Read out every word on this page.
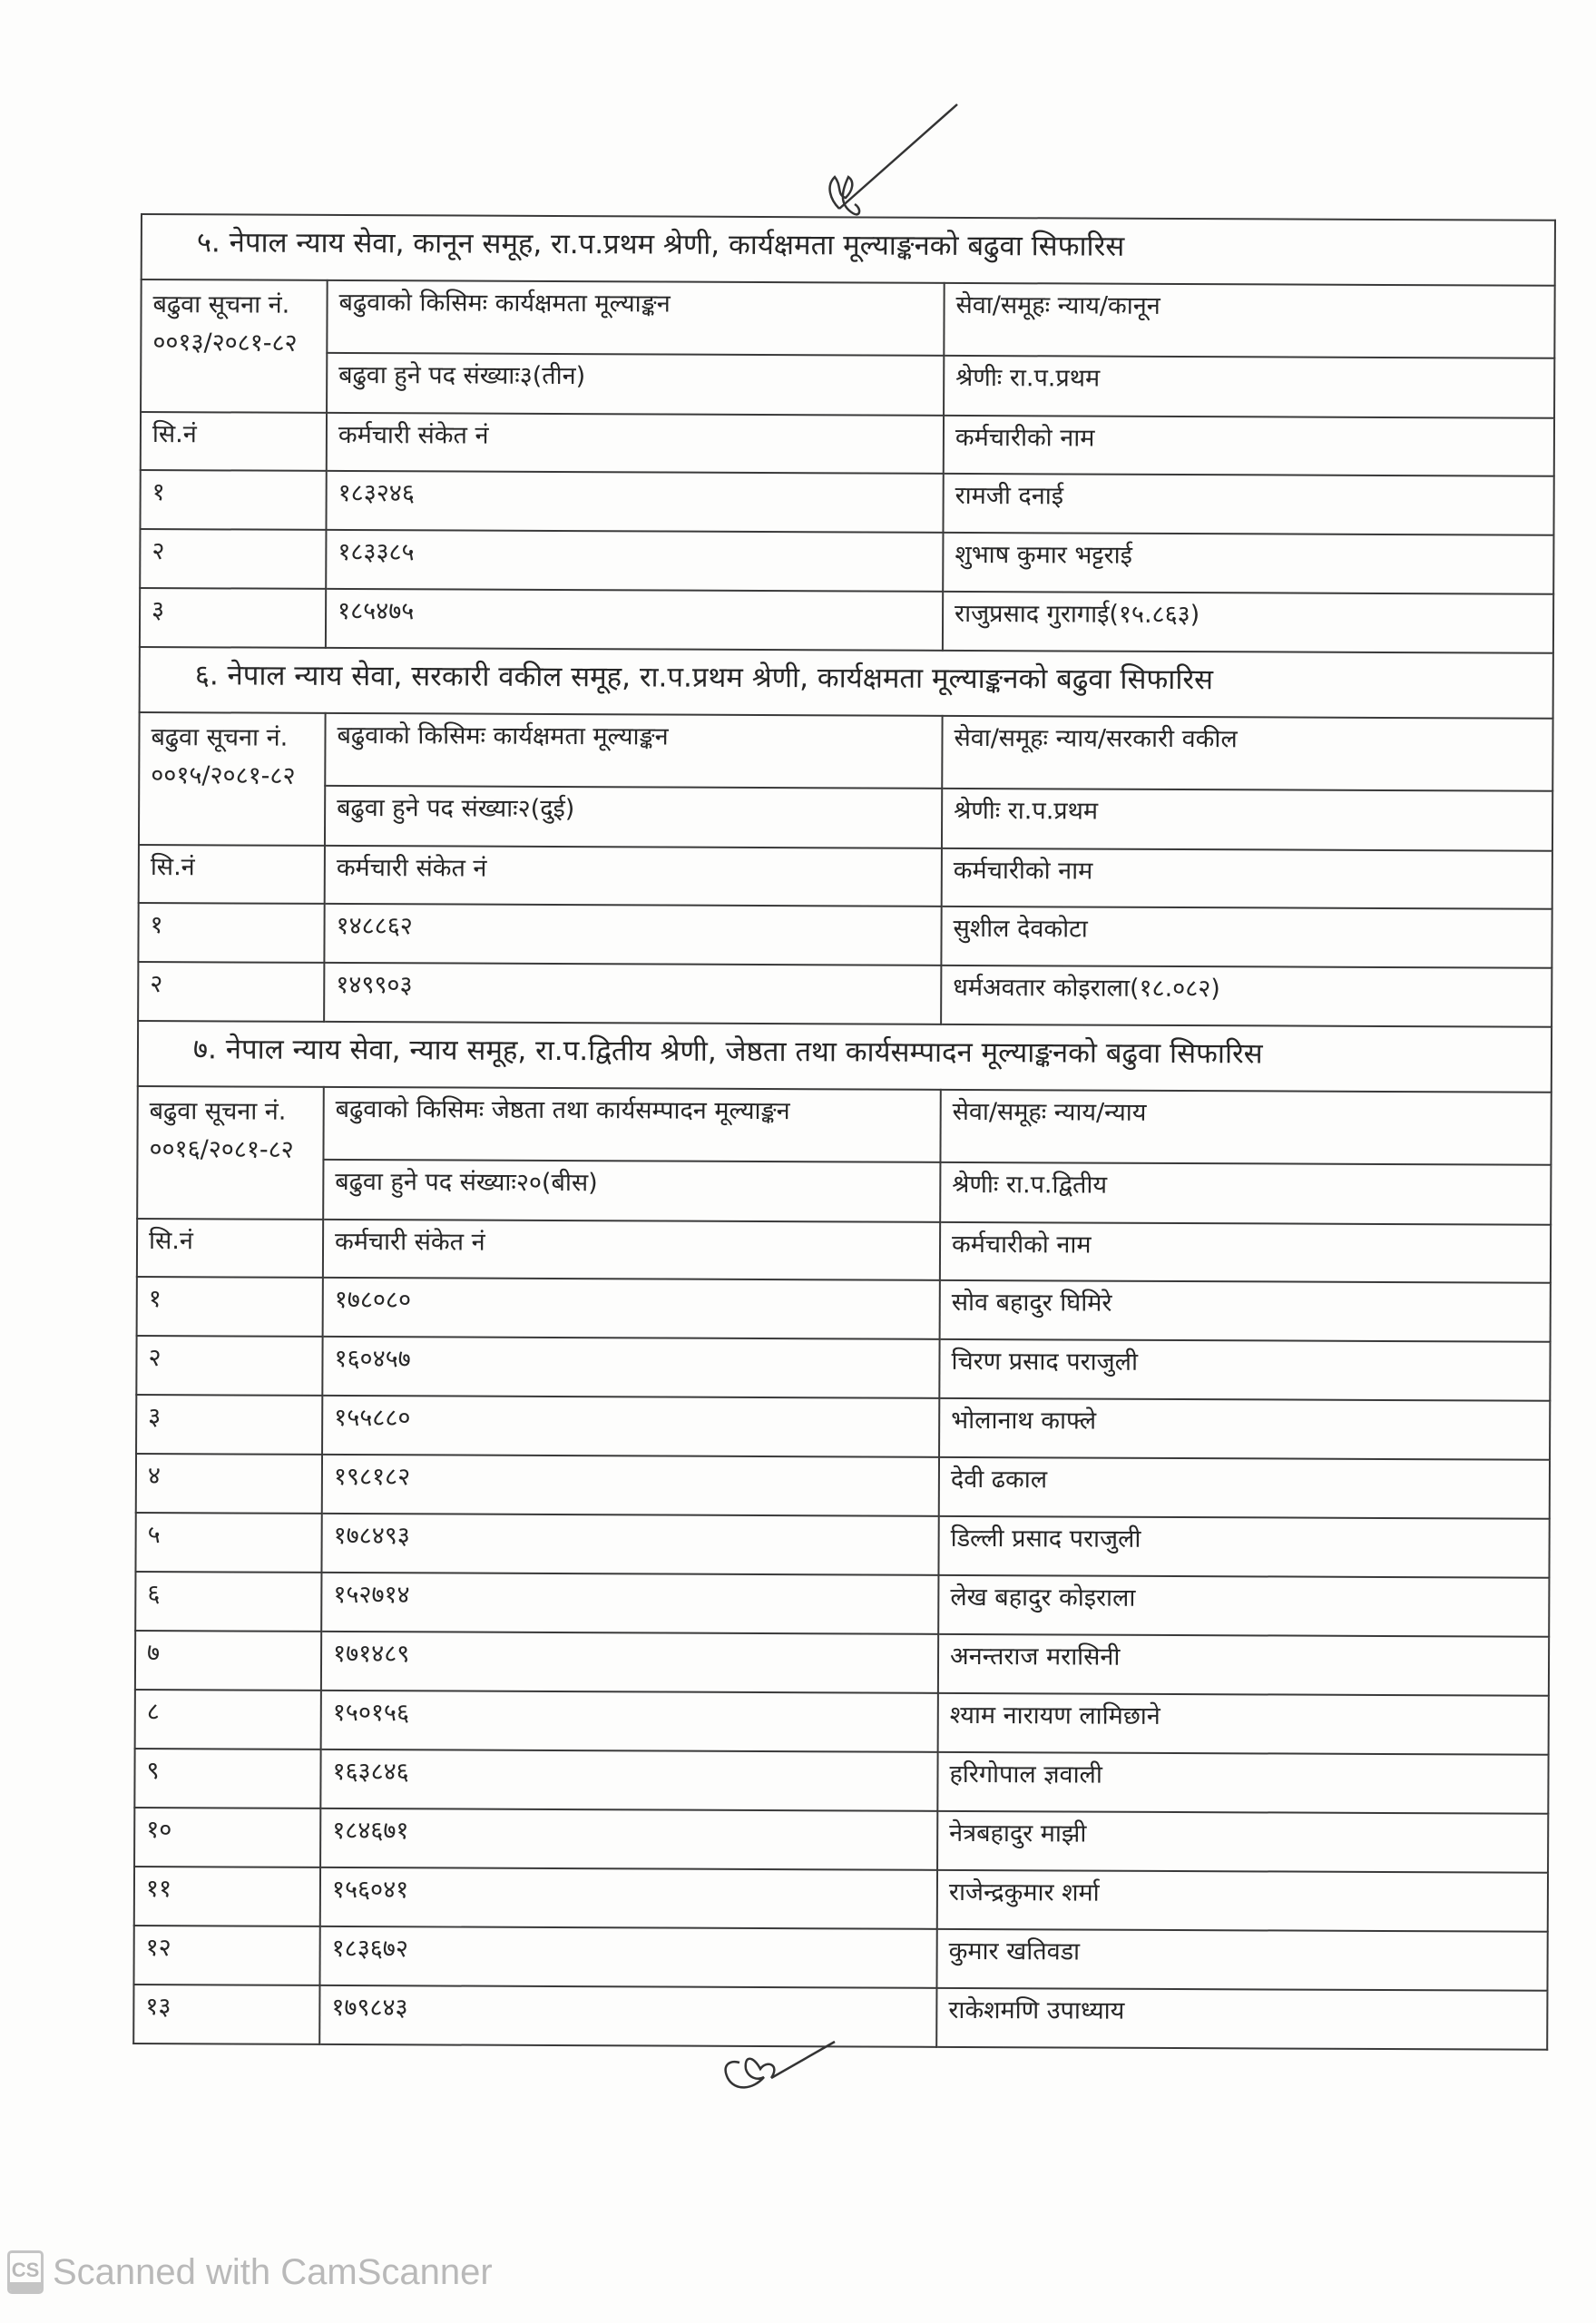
५. नेपाल न्याय सेवा, कानून समूह, रा.प.प्रथम श्रेणी, कार्यक्षमता मूल्याङ्कनको बढुवा सिफारिस		
बढुवा सूचना नं. ००१३/२०८१-८२	बढुवाको किसिमः कार्यक्षमता मूल्याङ्कन	सेवा/समूहः न्याय/कानून
	बढुवा हुने पद संख्याः३(तीन)	श्रेणीः रा.प.प्रथम
सि.नं	कर्मचारी संकेत नं	कर्मचारीको नाम
१	१८३२४६	रामजी दनाई
२	१८३३८५	शुभाष कुमार भट्टराई
३	१८५४७५	राजुप्रसाद गुरागाई(१५.८६३)
६. नेपाल न्याय सेवा, सरकारी वकील समूह, रा.प.प्रथम श्रेणी, कार्यक्षमता मूल्याङ्कनको बढुवा सिफारिस		
बढुवा सूचना नं. ००१५/२०८१-८२	बढुवाको किसिमः कार्यक्षमता मूल्याङ्कन	सेवा/समूहः न्याय/सरकारी वकील
	बढुवा हुने पद संख्याः२(दुई)	श्रेणीः रा.प.प्रथम
सि.नं	कर्मचारी संकेत नं	कर्मचारीको नाम
१	१४८८६२	सुशील देवकोटा
२	१४९९०३	धर्मअवतार कोइराला(१८.०८२)
७. नेपाल न्याय सेवा, न्याय समूह, रा.प.द्वितीय श्रेणी, जेष्ठता तथा कार्यसम्पादन मूल्याङ्कनको बढुवा सिफारिस		
बढुवा सूचना नं. ००१६/२०८१-८२	बढुवाको किसिमः जेष्ठता तथा कार्यसम्पादन मूल्याङ्कन	सेवा/समूहः न्याय/न्याय
	बढुवा हुने पद संख्याः२०(बीस)	श्रेणीः रा.प.द्वितीय
सि.नं	कर्मचारी संकेत नं	कर्मचारीको नाम
१	१७८०८०	सोव बहादुर घिमिरे
२	१६०४५७	चिरण प्रसाद पराजुली
३	१५५८८०	भोलानाथ काफ्ले
४	१९८१८२	देवी ढकाल
५	१७८४९३	डिल्ली प्रसाद पराजुली
६	१५२७१४	लेख बहादुर कोइराला
७	१७१४८९	अनन्तराज मरासिनी
८	१५०१५६	श्याम नारायण लामिछाने
९	१६३८४६	हरिगोपाल ज्ञवाली
१०	१८४६७१	नेत्रबहादुर माझी
११	१५६०४१	राजेन्द्रकुमार शर्मा
१२	१८३६७२	कुमार खतिवडा
१३	१७९८४३	राकेशमणि उपाध्याय
CS Scanned with CamScanner
